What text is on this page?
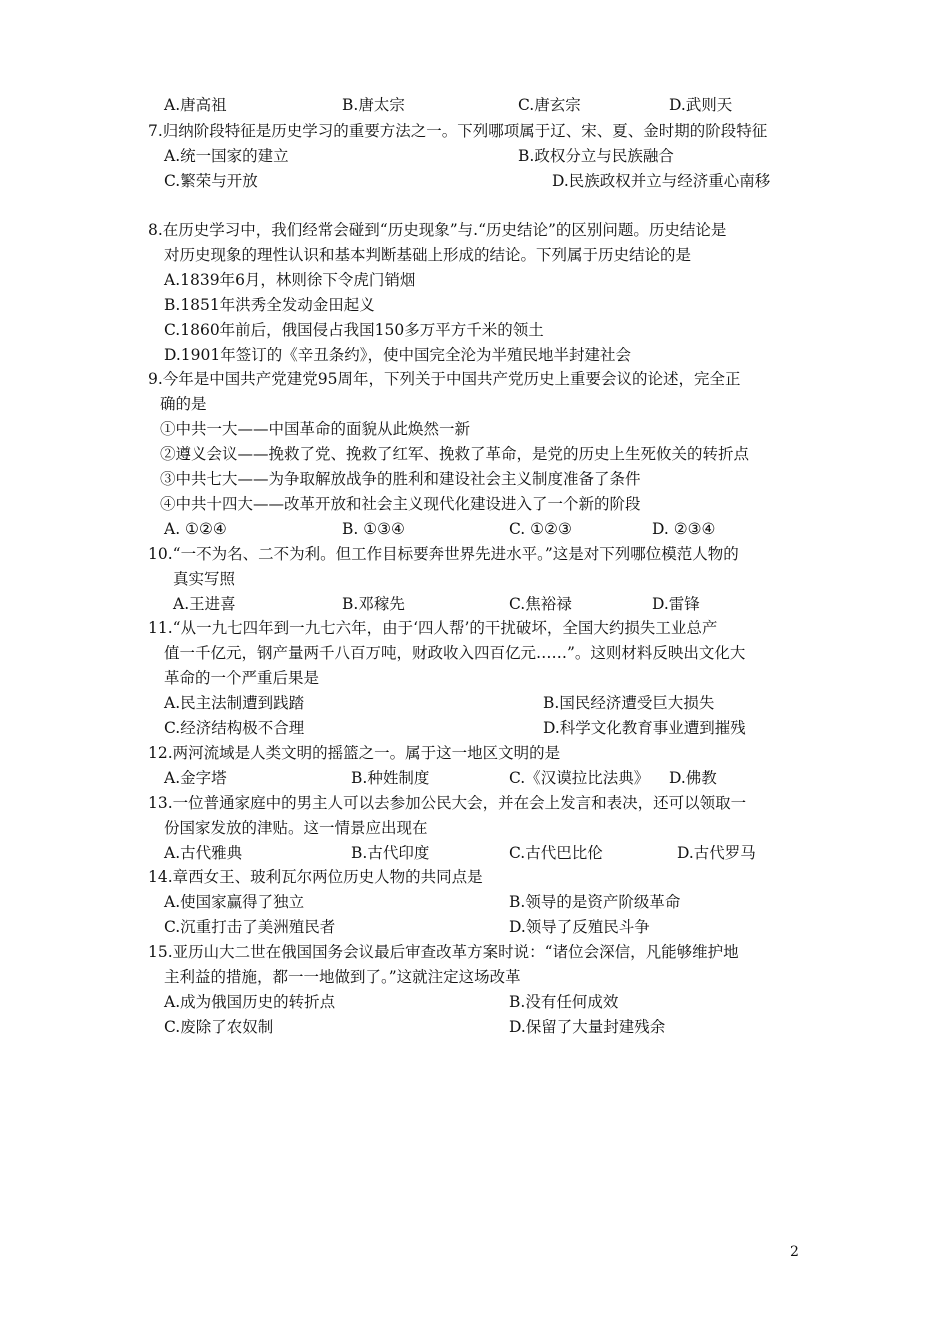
A.唐高祖	B.唐太宗	C.唐玄宗	D.武则天
7.归纳阶段特征是历史学习的重要方法之一。下列哪项属于辽、宋、夏、金时期的阶段特征
A.统一国家的建立	B.政权分立与民族融合
C.繁荣与开放	D.民族政权并立与经济重心南移
8.在历史学习中，我们经常会碰到“历史现象”与.“历史结论”的区别问题。历史结论是
对历史现象的理性认识和基本判断基础上形成的结论。下列属于历史结论的是
A.1839年6月，林则徐下令虎门销烟
B.1851年洪秀全发动金田起义
C.1860年前后，俄国侵占我国150多万平方千米的领土
D.1901年签订的《辛丑条约》，使中国完全沦为半殖民地半封建社会
9.今年是中国共产党建党95周年，下列关于中国共产党历史上重要会议的论述，完全正
确的是
①中共一大——中国革命的面貌从此焕然一新
②遵义会议——挽救了党、挽救了红军、挽救了革命，是党的历史上生死攸关的转折点
③中共七大——为争取解放战争的胜利和建设社会主义制度准备了条件
④中共十四大——改革开放和社会主义现代化建设进入了一个新的阶段
A. ①②④	B. ①③④	C. ①②③	D. ②③④
10.“一不为名、二不为利。但工作目标要奔世界先进水平。”这是对下列哪位模范人物的
真实写照
A.王进喜	B.邓稼先	C.焦裕禄	D.雷锋
11.“从一九七四年到一九七六年，由于‘四人帮’的干扰破坏，全国大约损失工业总产
值一千亿元，钢产量两千八百万吨，财政收入四百亿元……”。这则材料反映出文化大
革命的一个严重后果是
A.民主法制遭到践踏	B.国民经济遭受巨大损失
C.经济结构极不合理	D.科学文化教育事业遭到摧残
12.两河流域是人类文明的摇篮之一。属于这一地区文明的是
A.金字塔	B.种姓制度	C.《汉谟拉比法典》 D.佛教
13.一位普通家庭中的男主人可以去参加公民大会，并在会上发言和表决，还可以领取一
份国家发放的津贴。这一情景应出现在
A.古代雅典	B.古代印度	C.古代巴比伦	D.古代罗马
14.章西女王、玻利瓦尔两位历史人物的共同点是
A.使国家赢得了独立	B.领导的是资产阶级革命
C.沉重打击了美洲殖民者	D.领导了反殖民斗争
15.亚历山大二世在俄国国务会议最后审查改革方案时说：“诸位会深信，凡能够维护地
主利益的措施，都一一地做到了。”这就注定这场改革
A.成为俄国历史的转折点	B.没有任何成效
C.废除了农奴制	D.保留了大量封建残余
2
